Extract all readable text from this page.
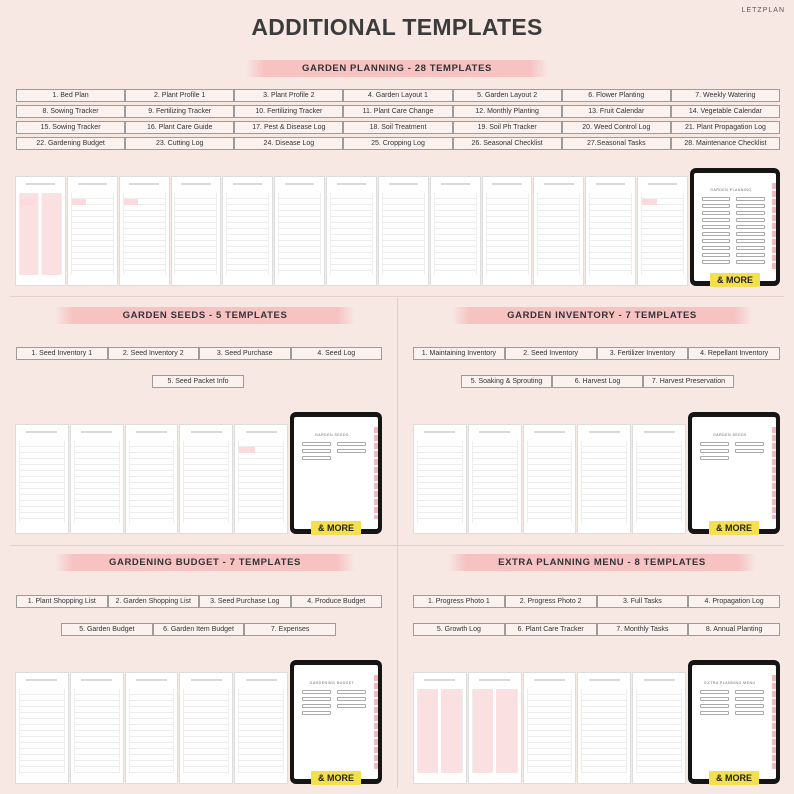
LETZPLAN
ADDITIONAL TEMPLATES
GARDEN PLANNING - 28 TEMPLATES
1. Bed Plan	2. Plant Profile 1	3. Plant Profile 2	4. Garden Layout 1	5. Garden Layout 2	6. Flower Planting	7. Weekly Watering
8. Sowing Tracker	9. Fertilizing Tracker	10. Fertilizing Tracker	11. Plant Care Change	12. Monthly Planting	13. Fruit Calendar	14. Vegetable Calendar
15. Sowing Tracker	16. Plant Care Guide	17. Pest & Disease Log	18. Soil Treatment	19. Soil Ph Tracker	20. Weed Control Log	21. Plant Propagation Log
22. Gardening Budget	23. Cutting Log	24. Disease Log	25. Cropping Log	26. Seasonal Checklist	27.Seasonal Tasks	28. Maintenance Checklist
GARDEN PLANNING
& MORE
GARDEN SEEDS - 5 TEMPLATES
1. Seed Inventory 1	2. Seed Inventory 2	3. Seed Purchase	4. Seed Log
5. Seed Packet Info
GARDEN SEEDS
& MORE
GARDEN INVENTORY - 7 TEMPLATES
1. Maintaining Inventory	2. Seed Inventory	3. Fertilizer Inventory	4. Repellant Inventory
5. Soaking & Sprouting	6. Harvest Log	7. Harvest Preservation
GARDEN SEEDS
& MORE
GARDENING BUDGET - 7 TEMPLATES
1. Plant Shopping List	2. Garden Shopping List	3. Seed Purchase Log	4. Produce Budget
5. Garden Budget	6. Garden Item Budget	7. Expenses
GARDENING BUDGET
& MORE
EXTRA PLANNING MENU - 8 TEMPLATES
1. Progress Photo 1	2. Progress Photo 2	3. Full Tasks	4. Propagation Log
5. Growth Log	6. Plant Care Tracker	7. Monthly Tasks	8. Annual Planting
EXTRA PLANNING MENU
& MORE
